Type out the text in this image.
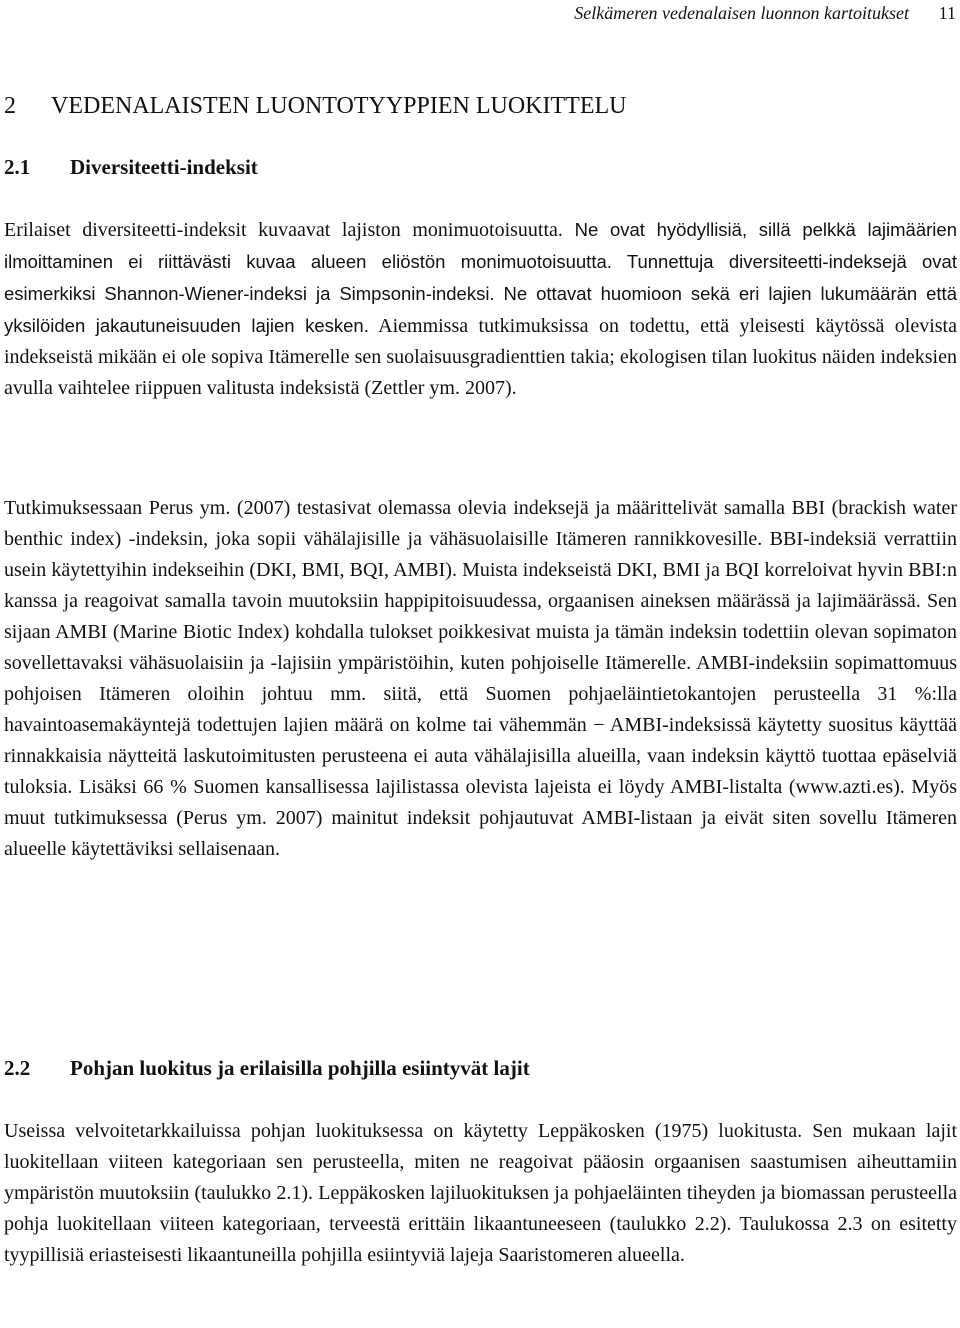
Selkämeren vedenalaisen luonnon kartoitukset 11
2 VEDENALAISTEN LUONTOTYYPPIEN LUOKITTELU
2.1 Diversiteetti-indeksit

Erilaiset diversiteetti-indeksit kuvaavat lajiston monimuotoisuutta. Ne ovat hyödyllisiä, sillä pelkkä lajimäärien ilmoittaminen ei riittävästi kuvaa alueen eliöstön monimuotoisuutta. Tunnettuja diversiteetti-indeksejä ovat esimerkiksi Shannon-Wiener-indeksi ja Simpsonin-indeksi. Ne ottavat huomioon sekä eri lajien lukumäärän että yksilöiden jakautuneisuuden lajien kesken. Aiemmissa tutkimuksissa on todettu, että yleisesti käytössä olevista indekseistä mikään ei ole sopiva Itämerelle sen suolaisuusgradienttien takia; ekologisen tilan luokitus näiden indeksien avulla vaihtelee riippuen valitusta indeksistä (Zettler ym. 2007).

Tutkimuksessaan Perus ym. (2007) testasivat olemassa olevia indeksejä ja määrittelivät samalla BBI (brackish water benthic index) -indeksin, joka sopii vähälajisille ja vähäsuolaisille Itämeren rannikkovesille. BBI-indeksiä verrattiin usein käytettyihin indekseihin (DKI, BMI, BQI, AMBI). Muista indekseistä DKI, BMI ja BQI korreloivat hyvin BBI:n kanssa ja reagoivat samalla tavoin muutoksiin happipitoisuudessa, orgaanisen aineksen määrässä ja lajimäärässä. Sen sijaan AMBI (Marine Biotic Index) kohdalla tulokset poikkesivat muista ja tämän indeksin todettiin olevan sopimaton sovellettavaksi vähäsuolaisiin ja -lajisiin ympäristöihin, kuten pohjoiselle Itämerelle. AMBI-indeksiin sopimattomuus pohjoisen Itämeren oloihin johtuu mm. siitä, että Suomen pohjaeläintietokantojen perusteella 31 %:lla havaintoasemakäyntejä todettujen lajien määrä on kolme tai vähemmän − AMBI-indeksissä käytetty suositus käyttää rinnakkaisia näytteitä laskutoimitusten perusteena ei auta vähälajisilla alueilla, vaan indeksin käyttö tuottaa epäselviä tuloksia. Lisäksi 66 % Suomen kansallisessa lajilistassa olevista lajeista ei löydy AMBI-listalta (www.azti.es). Myös muut tutkimuksessa (Perus ym. 2007) mainitut indeksit pohjautuvat AMBI-listaan ja eivät siten sovellu Itämeren alueelle käytettäviksi sellaisenaan.

2.2 Pohjan luokitus ja erilaisilla pohjilla esiintyvät lajit

Useissa velvoitetarkkailuissa pohjan luokituksessa on käytetty Leppäkosken (1975) luokitusta. Sen mukaan lajit luokitellaan viiteen kategoriaan sen perusteella, miten ne reagoivat pääosin orgaanisen saastumisen aiheuttamiin ympäristön muutoksiin (taulukko 2.1). Leppäkosken lajiluokituksen ja pohjaeläinten tiheyden ja biomassan perusteella pohja luokitellaan viiteen kategoriaan, terveestä erittäin likaantuneeseen (taulukko 2.2). Taulukossa 2.3 on esitetty tyypillisiä eriasteisesti likaantuneilla pohjilla esiintyviä lajeja Saaristomeren alueella.
